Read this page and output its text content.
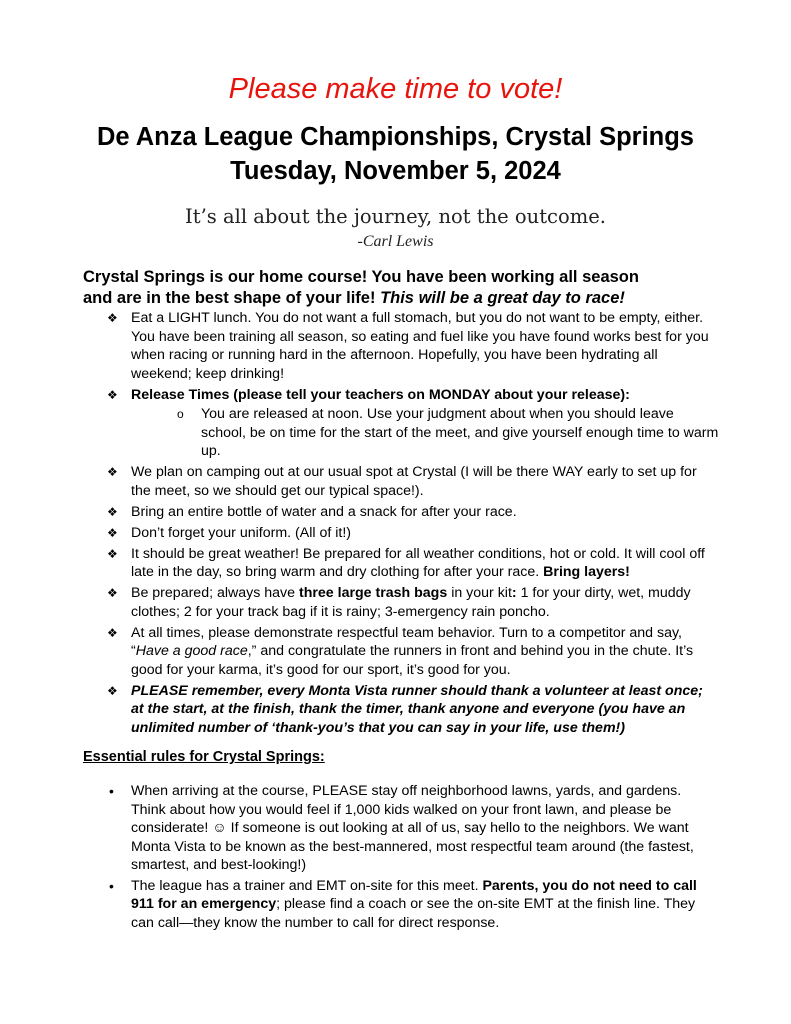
Please make time to vote!
De Anza League Championships, Crystal Springs
Tuesday, November 5, 2024
It’s all about the journey, not the outcome.
-Carl Lewis
Crystal Springs is our home course! You have been working all season
and are in the best shape of your life! This will be a great day to race!
❖ Eat a LIGHT lunch. You do not want a full stomach, but you do not want to be empty, either. You have been training all season, so eating and fuel like you have found works best for you when racing or running hard in the afternoon. Hopefully, you have been hydrating all weekend; keep drinking!
❖ Release Times (please tell your teachers on MONDAY about your release):
o You are released at noon. Use your judgment about when you should leave school, be on time for the start of the meet, and give yourself enough time to warm up.
❖ We plan on camping out at our usual spot at Crystal (I will be there WAY early to set up for the meet, so we should get our typical space!).
❖ Bring an entire bottle of water and a snack for after your race.
❖ Don’t forget your uniform. (All of it!)
❖ It should be great weather! Be prepared for all weather conditions, hot or cold. It will cool off late in the day, so bring warm and dry clothing for after your race. Bring layers!
❖ Be prepared; always have three large trash bags in your kit: 1 for your dirty, wet, muddy clothes; 2 for your track bag if it is rainy; 3-emergency rain poncho.
❖ At all times, please demonstrate respectful team behavior. Turn to a competitor and say, “Have a good race,” and congratulate the runners in front and behind you in the chute. It’s good for your karma, it’s good for our sport, it’s good for you.
❖ PLEASE remember, every Monta Vista runner should thank a volunteer at least once; at the start, at the finish, thank the timer, thank anyone and everyone (you have an unlimited number of ‘thank-you’s that you can say in your life, use them!)
Essential rules for Crystal Springs:
• When arriving at the course, PLEASE stay off neighborhood lawns, yards, and gardens. Think about how you would feel if 1,000 kids walked on your front lawn, and please be considerate! ☺ If someone is out looking at all of us, say hello to the neighbors. We want Monta Vista to be known as the best-mannered, most respectful team around (the fastest, smartest, and best-looking!)
• The league has a trainer and EMT on-site for this meet. Parents, you do not need to call 911 for an emergency; please find a coach or see the on-site EMT at the finish line. They can call—they know the number to call for direct response.
